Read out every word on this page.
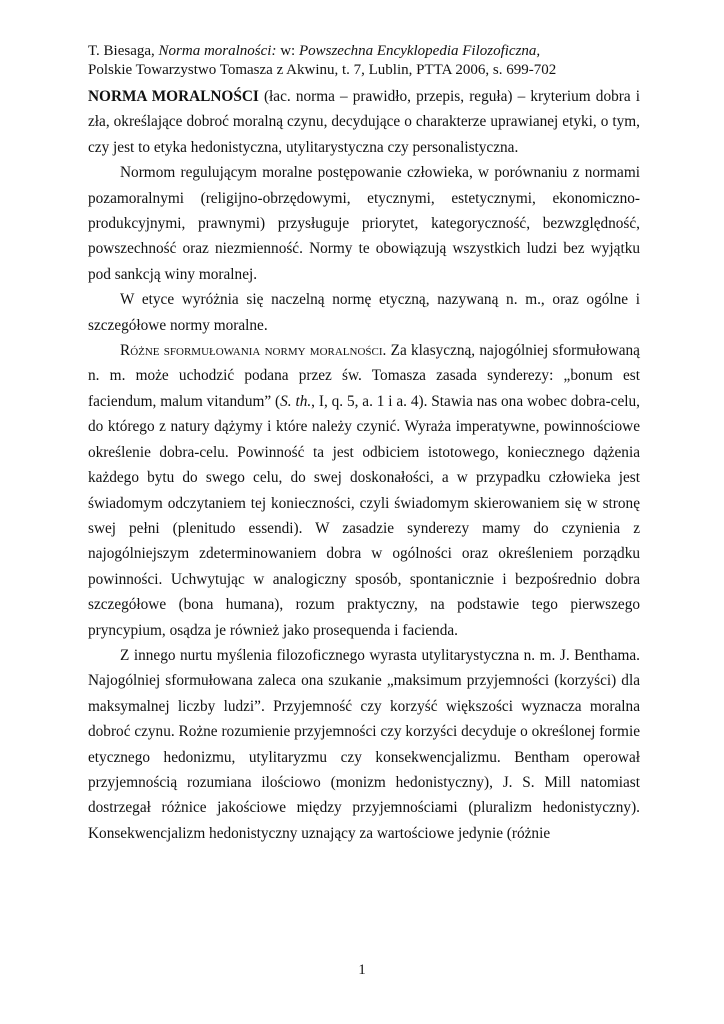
T. Biesaga, Norma moralności: w: Powszechna Encyklopedia Filozoficzna,
Polskie Towarzystwo Tomasza z Akwinu, t. 7, Lublin, PTTA 2006, s. 699-702

NORMA MORALNOŚCI (łac. norma – prawidło, przepis, reguła) – kryterium dobra i zła, określające dobroć moralną czynu, decydujące o charakterze uprawianej etyki, o tym, czy jest to etyka hedonistyczna, utylitarystyczna czy personalistyczna.

Normom regulującym moralne postępowanie człowieka, w porównaniu z normami pozamoralnymi (religijno-obrzędowymi, etycznymi, estetycznymi, ekonomiczno-produkcyjnymi, prawnymi) przysługuje priorytet, kategoryczność, bezwzględność, powszechność oraz niezmienność. Normy te obowiązują wszystkich ludzi bez wyjątku pod sankcją winy moralnej.

W etyce wyróżnia się naczelną normę etyczną, nazywaną n. m., oraz ogólne i szczegółowe normy moralne.

Różne sformułowania normy moralności. Za klasyczną, najogólniej sformułowaną n. m. może uchodzić podana przez św. Tomasza zasada synderezy: „bonum est faciendum, malum vitandum” (S. th., I, q. 5, a. 1 i a. 4). Stawia nas ona wobec dobra-celu, do którego z natury dążymy i które należy czynić. Wyraża imperatywne, powinnościowe określenie dobra-celu. Powinność ta jest odbiciem istotowego, koniecznego dążenia każdego bytu do swego celu, do swej doskonałości, a w przypadku człowieka jest świadomym odczytaniem tej konieczności, czyli świadomym skierowaniem się w stronę swej pełni (plenitudo essendi). W zasadzie synderezy mamy do czynienia z najogólniejszym zdeterminowaniem dobra w ogólności oraz określeniem porządku powinności. Uchwytując w analogiczny sposób, spontanicznie i bezpośrednio dobra szczegółowe (bona humana), rozum praktyczny, na podstawie tego pierwszego pryncypium, osądza je również jako prosequenda i facienda.

Z innego nurtu myślenia filozoficznego wyrasta utylitarystyczna n. m. J. Benthama. Najogólniej sformułowana zaleca ona szukanie „maksimum przyjemności (korzyści) dla maksymalnej liczby ludzi”. Przyjemność czy korzyść większości wyznacza moralna dobroć czynu. Rożne rozumienie przyjemności czy korzyści decyduje o określonej formie etycznego hedonizmu, utylitaryzmu czy konsekwencjalizmu. Bentham operował przyjemnością rozumiana ilościowo (monizm hedonistyczny), J. S. Mill natomiast dostrzegał różnice jakościowe między przyjemnościami (pluralizm hedonistyczny). Konsekwencjalizm hedonistyczny uznający za wartościowe jedynie (różnie

1
